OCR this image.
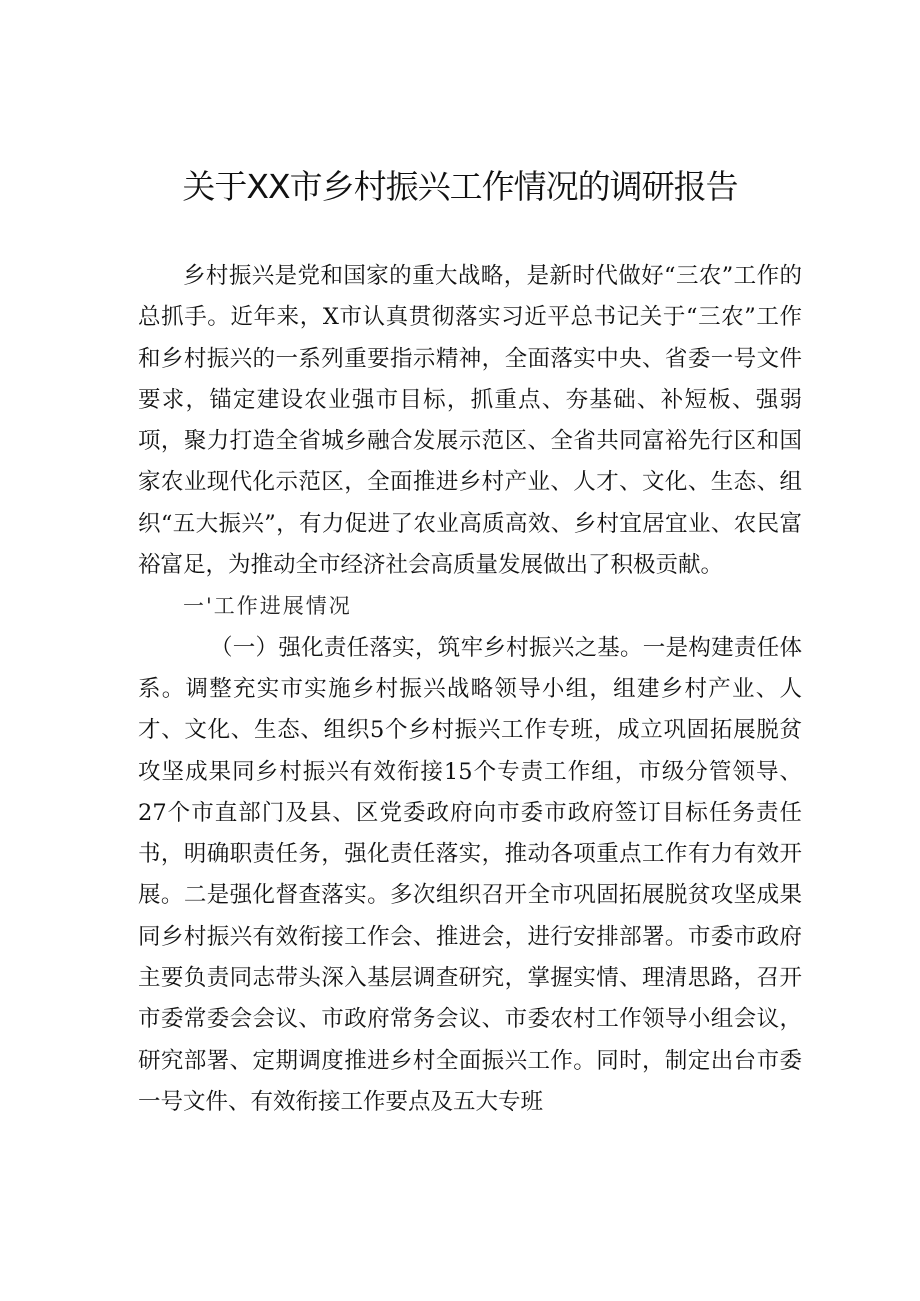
关于XX市乡村振兴工作情况的调研报告

乡村振兴是党和国家的重大战略，是新时代做好“三农”工作的总抓手。近年来，X市认真贯彻落实习近平总书记关于“三农”工作和乡村振兴的一系列重要指示精神，全面落实中央、省委一号文件要求，锚定建设农业强市目标，抓重点、夯基础、补短板、强弱项，聚力打造全省城乡融合发展示范区、全省共同富裕先行区和国家农业现代化示范区，全面推进乡村产业、人才、文化、生态、组织“五大振兴”，有力促进了农业高质高效、乡村宜居宜业、农民富裕富足，为推动全市经济社会高质量发展做出了积极贡献。

一'工作进展情况

（一）强化责任落实，筑牢乡村振兴之基。一是构建责任体系。调整充实市实施乡村振兴战略领导小组，组建乡村产业、人才、文化、生态、组织5个乡村振兴工作专班，成立巩固拓展脱贫攻坚成果同乡村振兴有效衔接15个专责工作组，市级分管领导、27个市直部门及县、区党委政府向市委市政府签订目标任务责任书，明确职责任务，强化责任落实，推动各项重点工作有力有效开展。二是强化督查落实。多次组织召开全市巩固拓展脱贫攻坚成果同乡村振兴有效衔接工作会、推进会，进行安排部署。市委市政府主要负责同志带头深入基层调查研究，掌握实情、理清思路，召开市委常委会会议、市政府常务会议、市委农村工作领导小组会议，研究部署、定期调度推进乡村全面振兴工作。同时，制定出台市委一号文件、有效衔接工作要点及五大专班
